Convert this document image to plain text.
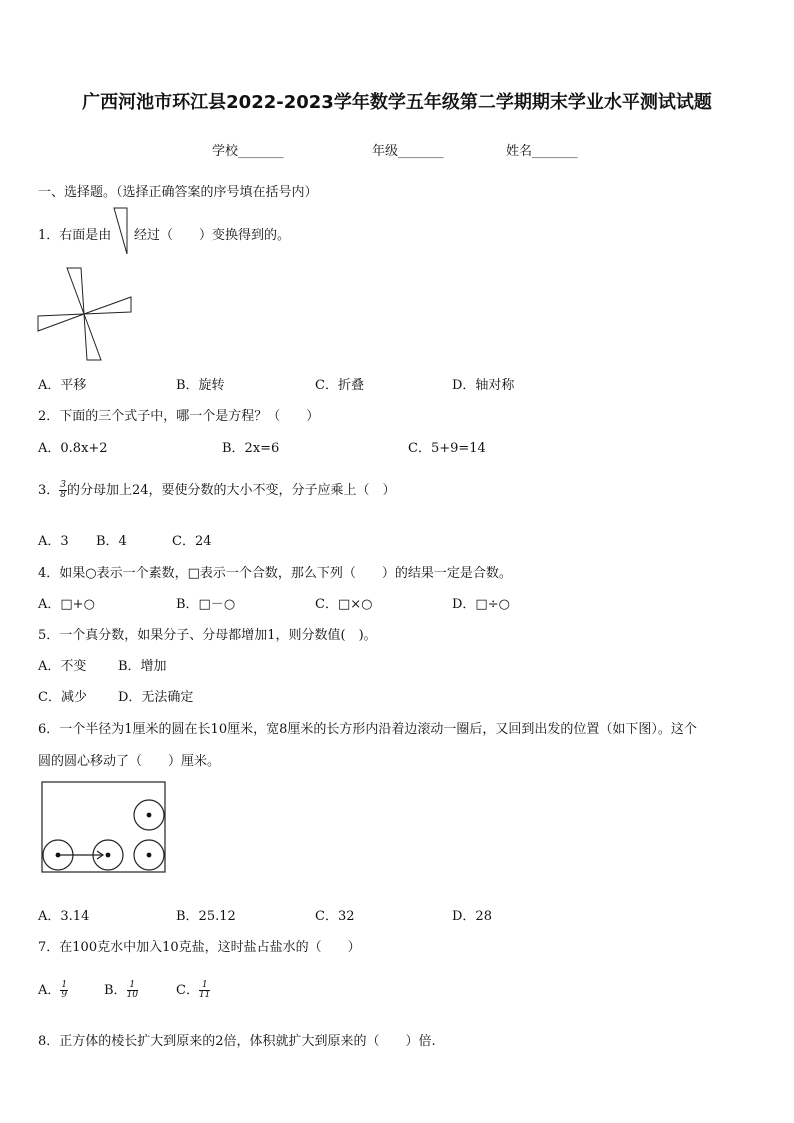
广西河池市环江县2022-2023学年数学五年级第二学期期末学业水平测试试题
学校_______	年级_______	姓名_______
一、选择题。（选择正确答案的序号填在括号内）
1．右面是由 经过（　　）变换得到的。
A．平移	B．旋转	C．折叠	D．轴对称
2．下面的三个式子中，哪一个是方程？（　　）
A．0.8x+2	B．2x=6	C．5+9=14
3． $\frac{3}{8}$ 的分母加上24，要使分数的大小不变，分子应乘上（　）
A．3 B．4	C．24
4．如果○表示一个素数，□表示一个合数，那么下列（　　）的结果一定是合数。
A．□+○	B．□－○	C．□×○	D．□÷○
5．一个真分数，如果分子、分母都增加1，则分数值(　)。
A．不变 B．增加
C．减少 D．无法确定
6．一个半径为1厘米的圆在长10厘米，宽8厘米的长方形内沿着边滚动一圈后，又回到出发的位置（如下图）。这个
圆的圆心移动了（　　）厘米。
A．3.14	B．25.12	C．32	D．28
7．在100克水中加入10克盐，这时盐占盐水的（　　）
A． $\frac{1}{9}$	B． $\frac{1}{10}$	C． $\frac{1}{11}$
8．正方体的棱长扩大到原来的2倍，体积就扩大到原来的（　　）倍.
